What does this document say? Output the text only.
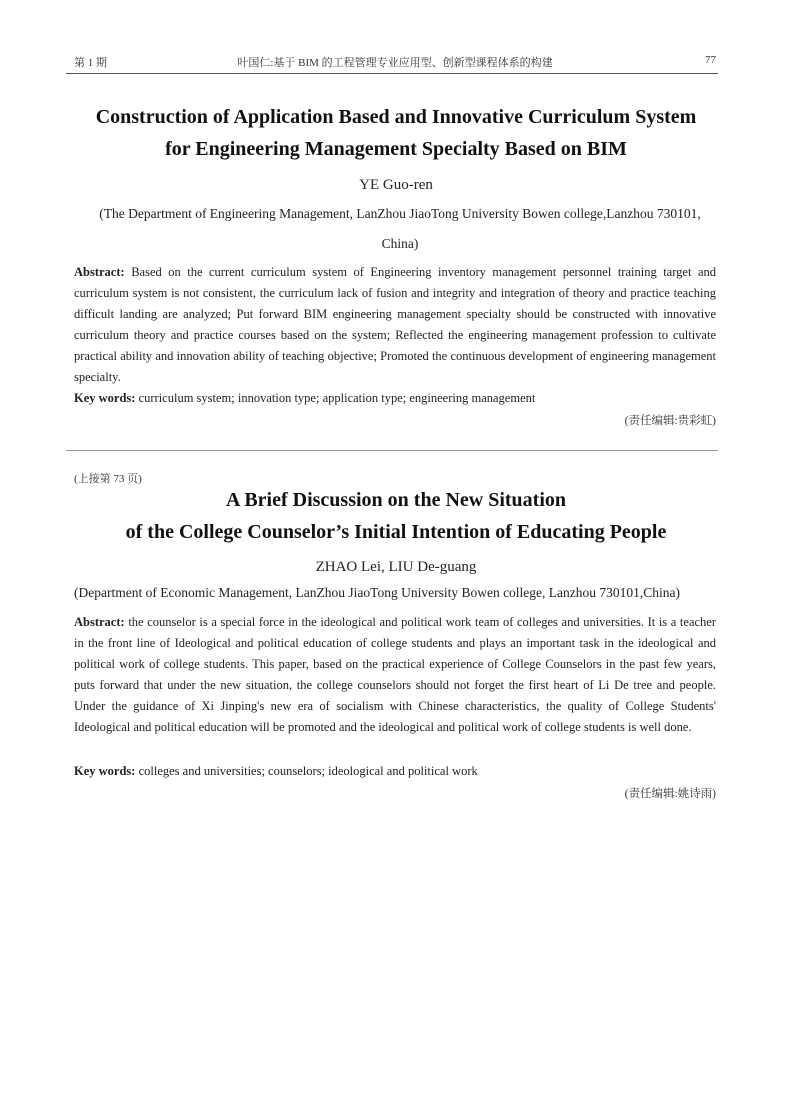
第 1 期	叶国仁:基于 BIM 的工程管理专业应用型、创新型课程体系的构建	77
Construction of Application Based and Innovative Curriculum System
for Engineering Management Specialty Based on BIM
YE Guo-ren
(The Department of Engineering Management, LanZhou JiaoTong University Bowen college,Lanzhou 730101, China)
Abstract: Based on the current curriculum system of Engineering inventory management personnel training target and curriculum system is not consistent, the curriculum lack of fusion and integrity and integration of theory and practice teaching difficult landing are analyzed; Put forward BIM engineering management specialty should be constructed with innovative curriculum theory and practice courses based on the system; Reflected the engineering management profession to cultivate practical ability and innovation ability of teaching objective; Promoted the continuous development of engineering management specialty.
Key words: curriculum system; innovation type; application type; engineering management
(责任编辑:贵彩虹)
(上接第 73 页)
A Brief Discussion on the New Situation
of the College Counselor’s Initial Intention of Educating People
ZHAO Lei, LIU De-guang
(Department of Economic Management, LanZhou JiaoTong University Bowen college, Lanzhou 730101,China)
Abstract: the counselor is a special force in the ideological and political work team of colleges and universities. It is a teacher in the front line of Ideological and political education of college students and plays an important task in the ideological and political work of college students. This paper, based on the practical experience of College Counselors in the past few years, puts forward that under the new situation, the college counselors should not forget the first heart of Li De tree and people. Under the guidance of Xi Jinping's new era of socialism with Chinese characteristics, the quality of College Students' Ideological and political education will be promoted and the ideological and political work of college students is well done.
Key words: colleges and universities; counselors; ideological and political work
(责任编辑:姚诗雨)
